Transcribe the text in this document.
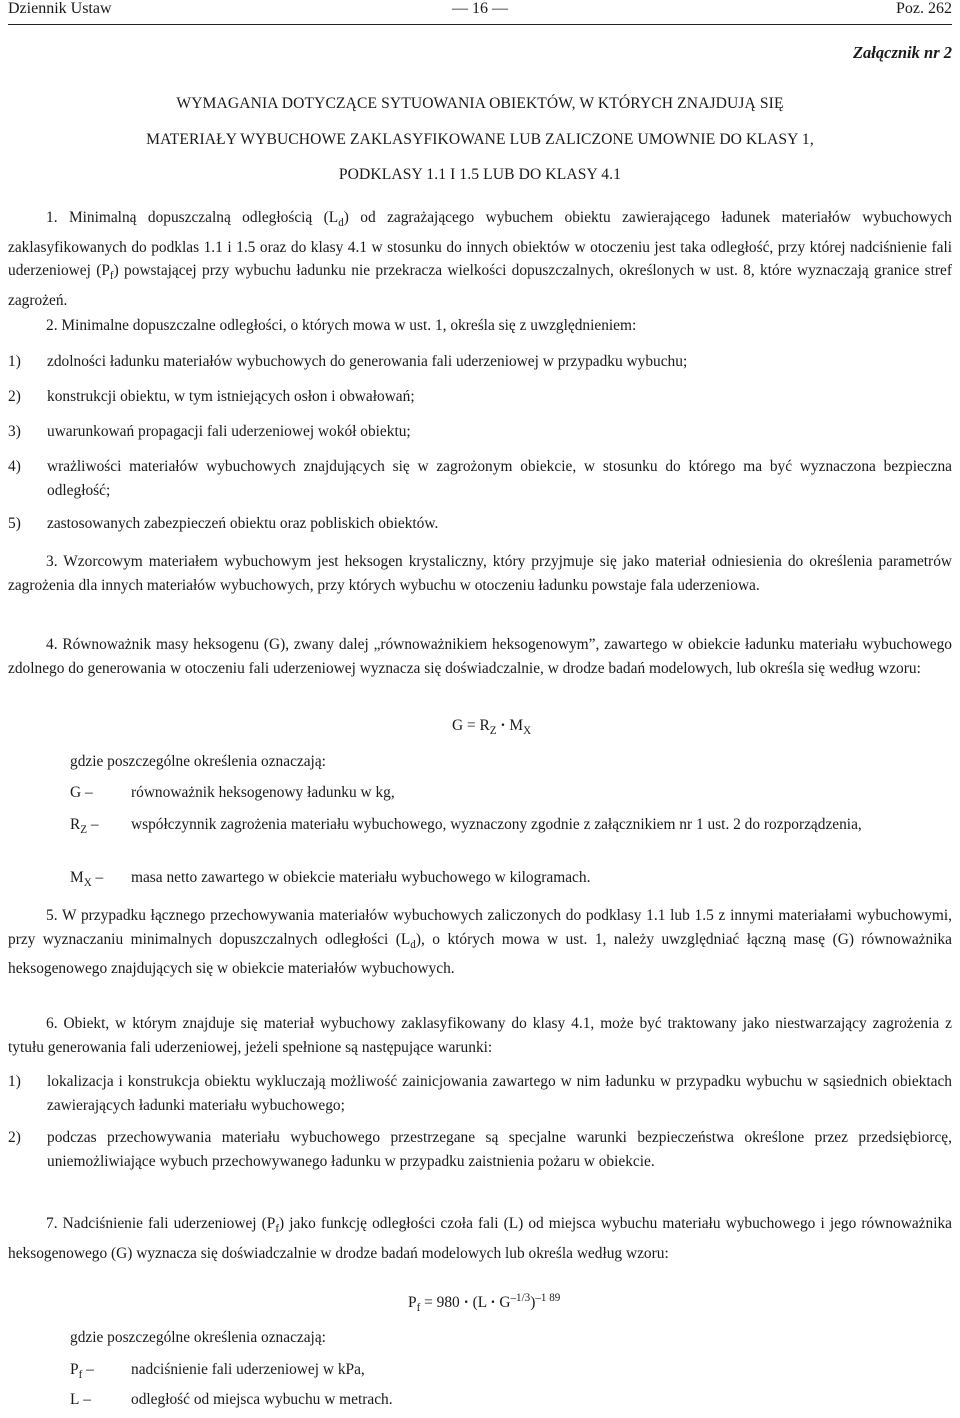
Dziennik Ustaw	— 16 —	Poz. 262
Załącznik nr 2
WYMAGANIA DOTYCZĄCE SYTUOWANIA OBIEKTÓW, W KTÓRYCH ZNAJDUJĄ SIĘ
MATERIAŁY WYBUCHOWE ZAKLASYFIKOWANE LUB ZALICZONE UMOWNIE DO KLASY 1,
PODKLASY 1.1 I 1.5 LUB DO KLASY 4.1
1. Minimalną dopuszczalną odległością $(L_d)$ od zagrażającego wybuchem obiektu zawierającego ładunek materiałów wybuchowych zaklasyfikowanych do podklas 1.1 i 1.5 oraz do klasy 4.1 w stosunku do innych obiektów w otoczeniu jest taka odległość, przy której nadciśnienie fali uderzeniowej $(P_f)$ powstającej przy wybuchu ładunku nie przekracza wielkości dopuszczalnych, określonych w ust. 8, które wyznaczają granice stref zagrożeń.
2. Minimalne dopuszczalne odległości, o których mowa w ust. 1, określa się z uwzględnieniem:
1) zdolności ładunku materiałów wybuchowych do generowania fali uderzeniowej w przypadku wybuchu;
2) konstrukcji obiektu, w tym istniejących osłon i obwałowań;
3) uwarunkowań propagacji fali uderzeniowej wokół obiektu;
4) wrażliwości materiałów wybuchowych znajdujących się w zagrożonym obiekcie, w stosunku do którego ma być wyznaczona bezpieczna odległość;
5) zastosowanych zabezpieczeń obiektu oraz pobliskich obiektów.
3. Wzorcowym materiałem wybuchowym jest heksogen krystaliczny, który przyjmuje się jako materiał odniesienia do określenia parametrów zagrożenia dla innych materiałów wybuchowych, przy których wybuchu w otoczeniu ładunku powstaje fala uderzeniowa.
4. Równoważnik masy heksogenu (G), zwany dalej „równoważnikiem heksogenowym”, zawartego w obiekcie ładunku materiału wybuchowego zdolnego do generowania w otoczeniu fali uderzeniowej wyznacza się doświadczalnie, w drodze badań modelowych, lub określa się według wzoru:
$G = R_Z \cdot M_X$
gdzie poszczególne określenia oznaczają:
G – równoważnik heksogenowy ładunku w kg,
$R_Z$ – współczynnik zagrożenia materiału wybuchowego, wyznaczony zgodnie z załącznikiem nr 1 ust. 2 do rozporządzenia,
$M_X$ – masa netto zawartego w obiekcie materiału wybuchowego w kilogramach.
5. W przypadku łącznego przechowywania materiałów wybuchowych zaliczonych do podklasy 1.1 lub 1.5 z innymi materiałami wybuchowymi, przy wyznaczaniu minimalnych dopuszczalnych odległości $(L_d)$, o których mowa w ust. 1, należy uwzględniać łączną masę (G) równoważnika heksogenowego znajdujących się w obiekcie materiałów wybuchowych.
6. Obiekt, w którym znajduje się materiał wybuchowy zaklasyfikowany do klasy 4.1, może być traktowany jako niestwarzający zagrożenia z tytułu generowania fali uderzeniowej, jeżeli spełnione są następujące warunki:
1) lokalizacja i konstrukcja obiektu wykluczają możliwość zainicjowania zawartego w nim ładunku w przypadku wybuchu w sąsiednich obiektach zawierających ładunki materiału wybuchowego;
2) podczas przechowywania materiału wybuchowego przestrzegane są specjalne warunki bezpieczeństwa określone przez przedsiębiorcę, uniemożliwiające wybuch przechowywanego ładunku w przypadku zaistnienia pożaru w obiekcie.
7. Nadciśnienie fali uderzeniowej $(P_f)$ jako funkcję odległości czoła fali (L) od miejsca wybuchu materiału wybuchowego i jego równoważnika heksogenowego (G) wyznacza się doświadczalnie w drodze badań modelowych lub określa według wzoru:
$P_f = 980 \cdot (L \cdot G^{-1/3})^{-1 89}$
gdzie poszczególne określenia oznaczają:
$P_f$ – nadciśnienie fali uderzeniowej w kPa,
L –	odległość od miejsca wybuchu w metrach.
